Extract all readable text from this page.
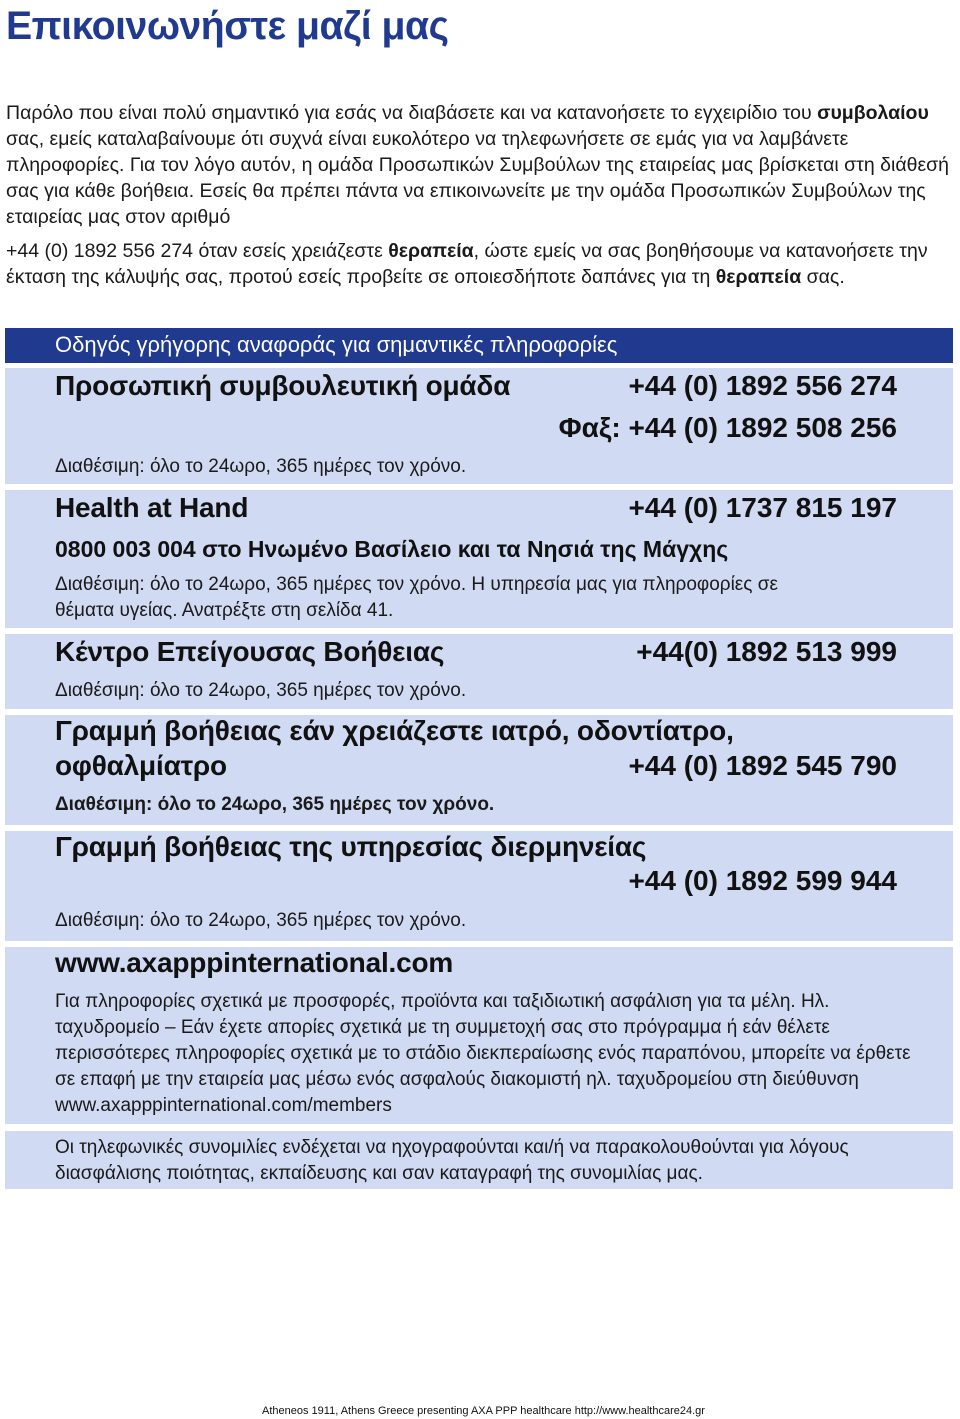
Επικοινωνήστε μαζί μας

Παρόλο που είναι πολύ σημαντικό για εσάς να διαβάσετε και να κατανοήσετε το εγχειρίδιο του συμβολαίου σας, εμείς καταλαβαίνουμε ότι συχνά είναι ευκολότερο να τηλεφωνήσετε σε εμάς για να λαμβάνετε πληροφορίες. Για τον λόγο αυτόν, η ομάδα Προσωπικών Συμβούλων της εταιρείας μας βρίσκεται στη διάθεσή σας για κάθε βοήθεια. Εσείς θα πρέπει πάντα να επικοινωνείτε με την ομάδα Προσωπικών Συμβούλων της εταιρείας μας στον αριθμό

+44 (0) 1892 556 274 όταν εσείς χρειάζεστε θεραπεία, ώστε εμείς να σας βοηθήσουμε να κατανοήσετε την έκταση της κάλυψής σας, προτού εσείς προβείτε σε οποιεσδήποτε δαπάνες για τη θεραπεία σας.

Οδηγός γρήγορης αναφοράς για σημαντικές πληροφορίες
Προσωπική συμβουλευτική ομάδα	+44 (0) 1892 556 274
Φαξ: +44 (0) 1892 508 256
Διαθέσιμη: όλο το 24ωρο, 365 ημέρες τον χρόνο.
Health at Hand	+44 (0) 1737 815 197
0800 003 004 στο Ηνωμένο Βασίλειο και τα Νησιά της Μάγχης
Διαθέσιμη: όλο το 24ωρο, 365 ημέρες τον χρόνο. Η υπηρεσία μας για πληροφορίες σε
θέματα υγείας. Ανατρέξτε στη σελίδα 41.
Κέντρο Επείγουσας Βοήθειας	+44(0) 1892 513 999
Διαθέσιμη: όλο το 24ωρο, 365 ημέρες τον χρόνο.
Γραμμή βοήθειας εάν χρειάζεστε ιατρό, οδοντίατρο,
οφθαλμίατρο	+44 (0) 1892 545 790
Διαθέσιμη: όλο το 24ωρο, 365 ημέρες τον χρόνο.
Γραμμή βοήθειας της υπηρεσίας διερμηνείας
+44 (0) 1892 599 944
Διαθέσιμη: όλο το 24ωρο, 365 ημέρες τον χρόνο.
www.axapppinternational.com

Για πληροφορίες σχετικά με προσφορές, προϊόντα και ταξιδιωτική ασφάλιση για τα μέλη. Ηλ. ταχυδρομείο – Εάν έχετε απορίες σχετικά με τη συμμετοχή σας στο πρόγραμμα ή εάν θέλετε περισσότερες πληροφορίες σχετικά με το στάδιο διεκπεραίωσης ενός παραπόνου, μπορείτε να έρθετε σε επαφή με την εταιρεία μας μέσω ενός ασφαλούς διακομιστή ηλ. ταχυδρομείου στη διεύθυνση www.axapppinternational.com/members

Οι τηλεφωνικές συνομιλίες ενδέχεται να ηχογραφούνται και/ή να παρακολουθούνται για λόγους διασφάλισης ποιότητας, εκπαίδευσης και σαν καταγραφή της συνομιλίας μας.

Atheneos 1911, Athens Greece presenting AXA PPP healthcare http://www.healthcare24.gr
